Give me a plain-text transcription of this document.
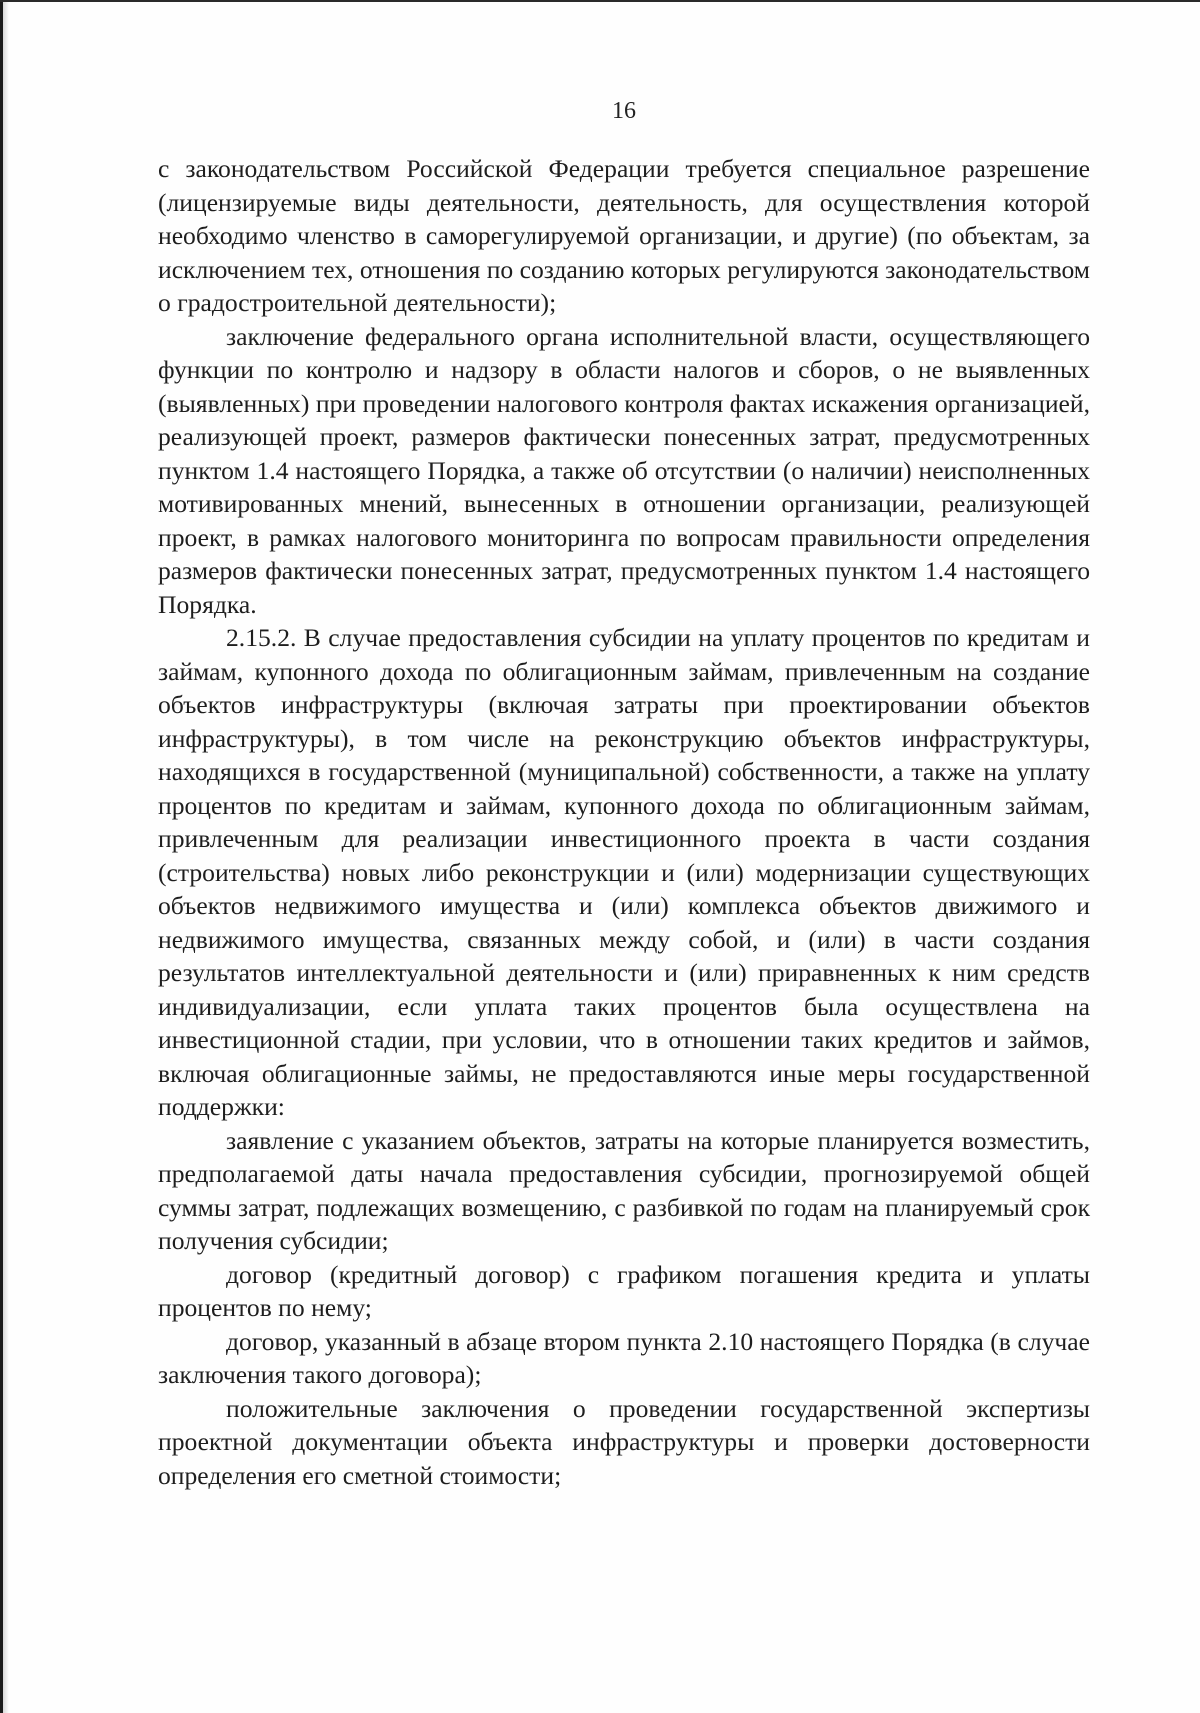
16

с законодательством Российской Федерации требуется специальное разрешение (лицензируемые виды деятельности, деятельность, для осуществления которой необходимо членство в саморегулируемой организации, и другие) (по объектам, за исключением тех, отношения по созданию которых регулируются законодательством о градостроительной деятельности);

заключение федерального органа исполнительной власти, осуществляющего функции по контролю и надзору в области налогов и сборов, о не выявленных (выявленных) при проведении налогового контроля фактах искажения организацией, реализующей проект, размеров фактически понесенных затрат, предусмотренных пунктом 1.4 настоящего Порядка, а также об отсутствии (о наличии) неисполненных мотивированных мнений, вынесенных в отношении организации, реализующей проект, в рамках налогового мониторинга по вопросам правильности определения размеров фактически понесенных затрат, предусмотренных пунктом 1.4 настоящего Порядка.

2.15.2. В случае предоставления субсидии на уплату процентов по кредитам и займам, купонного дохода по облигационным займам, привлеченным на создание объектов инфраструктуры (включая затраты при проектировании объектов инфраструктуры), в том числе на реконструкцию объектов инфраструктуры, находящихся в государственной (муниципальной) собственности, а также на уплату процентов по кредитам и займам, купонного дохода по облигационным займам, привлеченным для реализации инвестиционного проекта в части создания (строительства) новых либо реконструкции и (или) модернизации существующих объектов недвижимого имущества и (или) комплекса объектов движимого и недвижимого имущества, связанных между собой, и (или) в части создания результатов интеллектуальной деятельности и (или) приравненных к ним средств индивидуализации, если уплата таких процентов была осуществлена на инвестиционной стадии, при условии, что в отношении таких кредитов и займов, включая облигационные займы, не предоставляются иные меры государственной поддержки:

заявление с указанием объектов, затраты на которые планируется возместить, предполагаемой даты начала предоставления субсидии, прогнозируемой общей суммы затрат, подлежащих возмещению, с разбивкой по годам на планируемый срок получения субсидии;

договор (кредитный договор) с графиком погашения кредита и уплаты процентов по нему;

договор, указанный в абзаце втором пункта 2.10 настоящего Порядка (в случае заключения такого договора);

положительные заключения о проведении государственной экспертизы проектной документации объекта инфраструктуры и проверки достоверности определения его сметной стоимости;
